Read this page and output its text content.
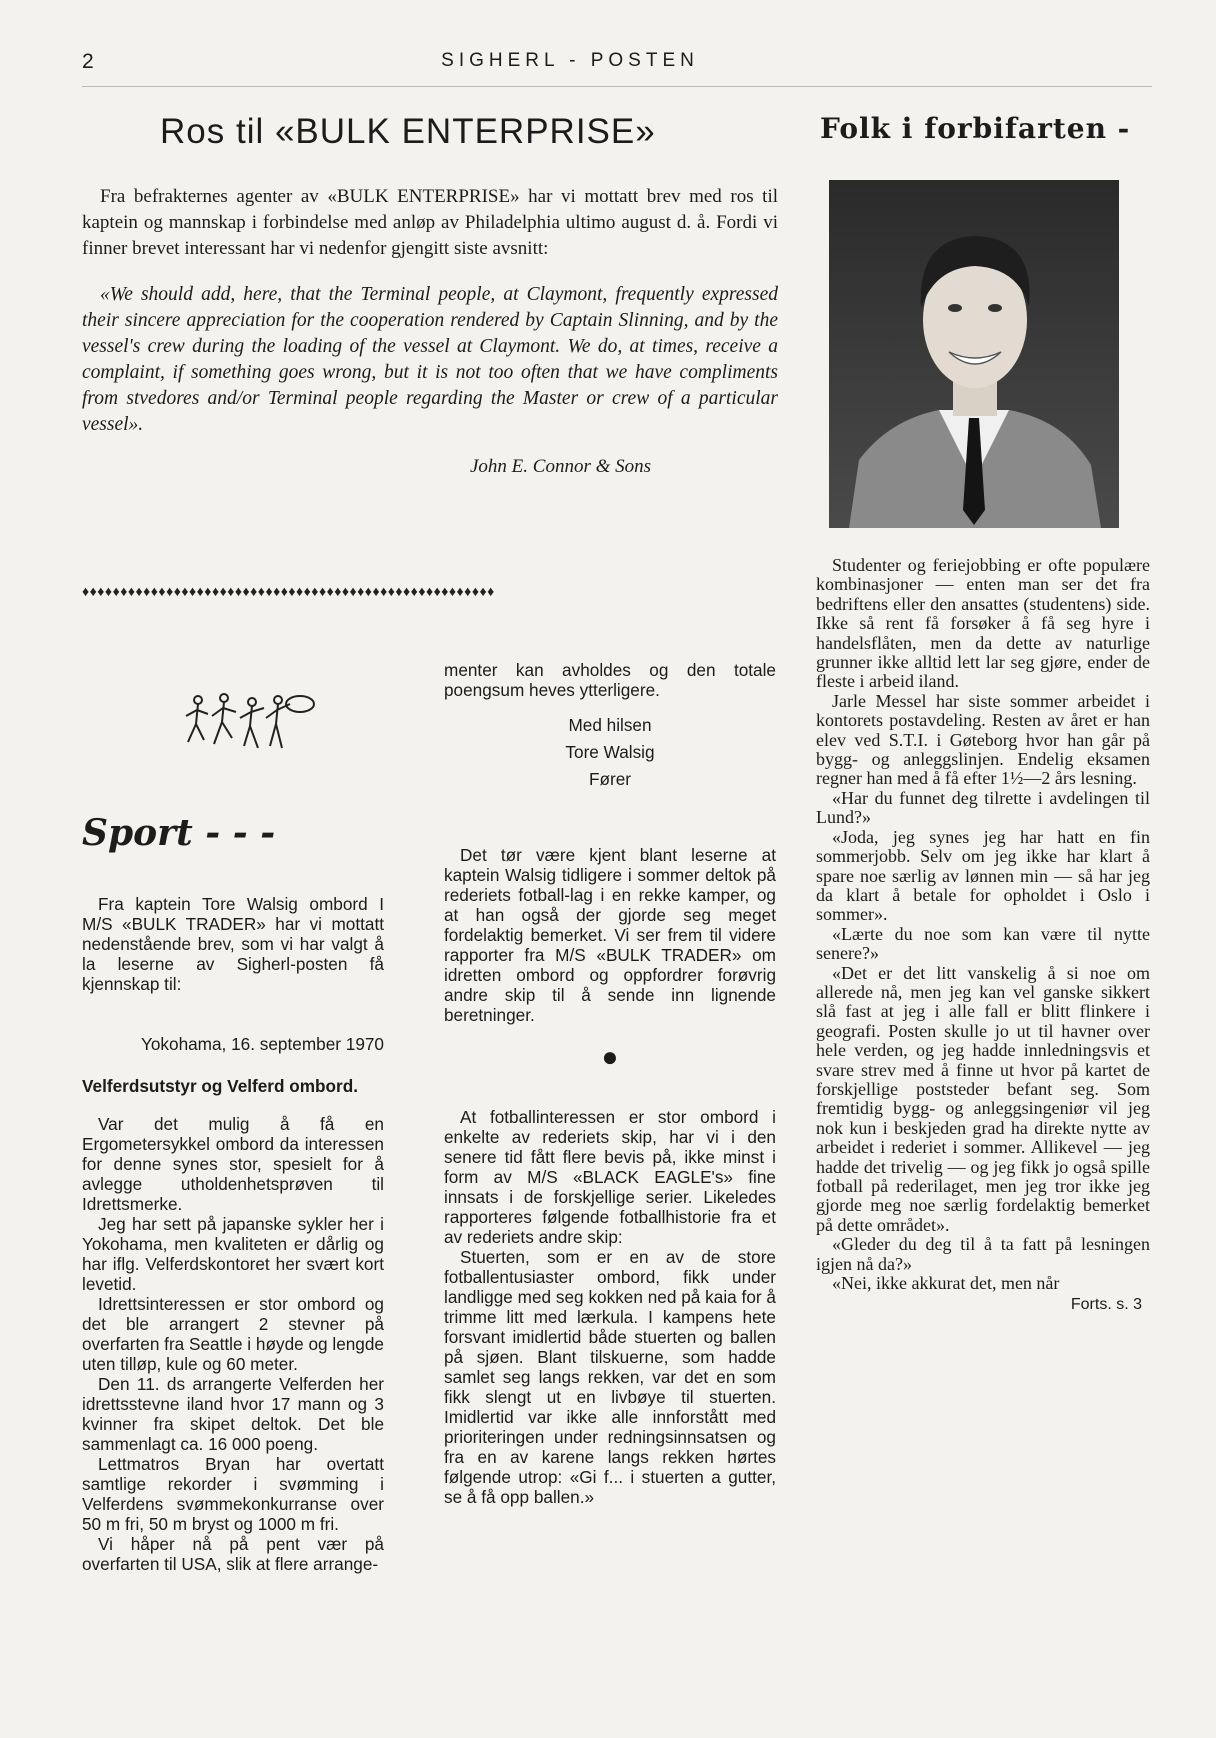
2	SIGHERL - POSTEN
Ros til «BULK ENTERPRISE»	Folk i forbifarten -

Fra befrakternes agenter av «BULK ENTERPRISE» har vi mottatt brev med ros til kaptein og mannskap i forbindelse med anløp av Philadelphia ultimo august d. å. Fordi vi finner brevet interessant har vi nedenfor gjengitt siste avsnitt:

«We should add, here, that the Terminal people, at Claymont, frequently expressed their sincere appreciation for the cooperation rendered by Captain Slinning, and by the vessel's crew during the loading of the vessel at Claymont. We do, at times, receive a complaint, if something goes wrong, but it is not too often that we have compliments from stvedores and/or Terminal people regarding the Master or crew of a particular vessel».

John E. Connor & Sons
♦♦♦♦♦♦♦♦♦♦♦♦♦♦♦♦♦♦♦♦♦♦♦♦♦♦♦♦♦♦♦♦♦♦♦♦♦♦♦♦♦♦♦♦♦♦♦♦♦♦♦♦♦♦
Sport - - -

Fra kaptein Tore Walsig ombord I M/S «BULK TRADER» har vi mottatt nedenstående brev, som vi har valgt å la leserne av Sigherl-posten få kjennskap til:

Yokohama, 16. september 1970
Velferdsutstyr og Velferd ombord.

Var det mulig å få en Ergometersykkel ombord da interessen for denne synes stor, spesielt for å avlegge utholdenhetsprøven til Idrettsmerke.

Jeg har sett på japanske sykler her i Yokohama, men kvaliteten er dårlig og har iflg. Velferdskontoret her svært kort levetid.

Idrettsinteressen er stor ombord og det ble arrangert 2 stevner på overfarten fra Seattle i høyde og lengde uten tilløp, kule og 60 meter.

Den 11. ds arrangerte Velferden her idrettsstevne iland hvor 17 mann og 3 kvinner fra skipet deltok. Det ble sammenlagt ca. 16 000 poeng.

Lettmatros Bryan har overtatt samtlige rekorder i svømming i Velferdens svømmekonkurranse over 50 m fri, 50 m bryst og 1000 m fri.

Vi håper nå på pent vær på overfarten til USA, slik at flere arrange-

menter kan avholdes og den totale poengsum heves ytterligere.

Med hilsen
Tore Walsig
Fører

Det tør være kjent blant leserne at kaptein Walsig tidligere i sommer deltok på rederiets fotball-lag i en rekke kamper, og at han også der gjorde seg meget fordelaktig bemerket. Vi ser frem til videre rapporter fra M/S «BULK TRADER» om idretten ombord og oppfordrer forøvrig andre skip til å sende inn lignende beretninger.

●

At fotballinteressen er stor ombord i enkelte av rederiets skip, har vi i den senere tid fått flere bevis på, ikke minst i form av M/S «BLACK EAGLE's» fine innsats i de forskjellige serier. Likeledes rapporteres følgende fotballhistorie fra et av rederiets andre skip:

Stuerten, som er en av de store fotballentusiaster ombord, fikk under landligge med seg kokken ned på kaia for å trimme litt med lærkula. I kampens hete forsvant imidlertid både stuerten og ballen på sjøen. Blant tilskuerne, som hadde samlet seg langs rekken, var det en som fikk slengt ut en livbøye til stuerten. Imidlertid var ikke alle innforstått med prioriteringen under redningsinnsatsen og fra en av karene langs rekken hørtes følgende utrop: «Gi f... i stuerten a gutter, se å få opp ballen.»

Studenter og feriejobbing er ofte populære kombinasjoner — enten man ser det fra bedriftens eller den ansattes (studentens) side. Ikke så rent få forsøker å få seg hyre i handelsflåten, men da dette av naturlige grunner ikke alltid lett lar seg gjøre, ender de fleste i arbeid iland.

Jarle Messel har siste sommer arbeidet i kontorets postavdeling. Resten av året er han elev ved S.T.I. i Gøteborg hvor han går på bygg- og anleggslinjen. Endelig eksamen regner han med å få efter 1½—2 års lesning.

«Har du funnet deg tilrette i avdelingen til Lund?»

«Joda, jeg synes jeg har hatt en fin sommerjobb. Selv om jeg ikke har klart å spare noe særlig av lønnen min — så har jeg da klart å betale for opholdet i Oslo i sommer».

«Lærte du noe som kan være til nytte senere?»

«Det er det litt vanskelig å si noe om allerede nå, men jeg kan vel ganske sikkert slå fast at jeg i alle fall er blitt flinkere i geografi. Posten skulle jo ut til havner over hele verden, og jeg hadde innledningsvis et svare strev med å finne ut hvor på kartet de forskjellige poststeder befant seg. Som fremtidig bygg- og anleggsingeniør vil jeg nok kun i beskjeden grad ha direkte nytte av arbeidet i rederiet i sommer. Allikevel — jeg hadde det trivelig — og jeg fikk jo også spille fotball på rederilaget, men jeg tror ikke jeg gjorde meg noe særlig fordelaktig bemerket på dette området».

«Gleder du deg til å ta fatt på lesningen igjen nå da?»

«Nei, ikke akkurat det, men når

Forts. s. 3
